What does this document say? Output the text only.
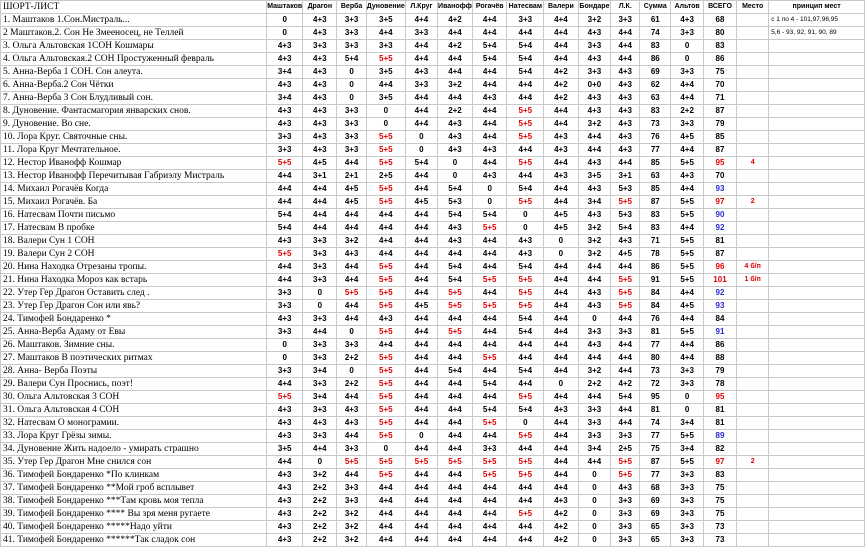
ШОРТ-ЛИСТ	Маштаков	Драгон	Верба	Дуновение	Л.Круг	Иванофф	Рогачёв	Натесвам	Валери	Бондаре	Л.К.	Сумма	Альтов	ВСЕГО	Место	принцип мест
1. Маштаков 1.Сон.Мистраль...	0	4+3	3+3	3+5	4+4	4+2	4+4	3+3	4+4	3+2	3+3	61	4+3	68		с 1 по 4 - 101,97,96,95
2 Маштаков.2. Сон Не Змееносец, не Теллей	0	4+3	3+3	4+4	3+3	4+4	4+4	4+4	4+4	4+3	4+4	74	3+3	80		5,6 - 93, 92, 91, 90, 89
3. Ольга Альтовская 1СОН Кошмары	4+3	3+3	3+3	3+3	4+4	4+2	5+4	5+4	4+4	3+3	4+4	83	0	83		
4. Ольга Альтовская.2 СОН Простуженный февраль	4+3	4+3	5+4	5+5	4+4	4+4	5+4	5+4	4+4	4+3	4+4	86	0	86		
5. Анна-Верба 1 СОН. Сон алеута.	3+4	4+3	0	3+5	4+3	4+4	4+4	5+4	4+2	3+3	4+3	69	3+3	75		
6. Анна-Верба.2 Сон Чётки	4+3	4+3	0	4+4	3+3	3+2	4+4	4+4	4+2	0+0	4+3	62	4+4	70		
7. Анна-Верба 3 Сон Блудливый сон.	3+4	4+3	0	3+5	4+4	4+4	4+3	4+4	4+2	4+3	4+3	63	4+4	71		
8. Дуновение. Фантасмагория январских снов.	4+3	4+3	3+3	0	4+4	2+2	4+4	5+5	4+4	4+3	4+3	83	2+2	87		
9. Дуновение. Во сне.	4+3	4+3	3+3	0	4+4	4+3	4+4	5+5	4+4	3+2	4+3	73	3+3	79		
10. Лора Круг. Святочные сны.	3+3	4+3	3+3	5+5	0	4+3	4+4	5+5	4+3	4+4	4+3	76	4+5	85		
11. Лора Круг Мечтательное.	3+3	4+3	3+3	5+5	0	4+3	4+3	4+4	4+3	4+4	4+3	77	4+4	87		
12. Нестор Иванофф Кошмар	5+5	4+5	4+4	5+5	5+4	0	4+4	5+5	4+4	4+3	4+4	85	5+5	95	4	
13. Нестор Иванофф Перечитывая Габриэлу Мистраль	4+4	3+1	2+1	2+5	4+4	0	4+3	4+4	4+3	3+5	3+1	63	4+3	70		
14. Михаил Рогачёв Когда	4+4	4+4	4+5	5+5	4+4	5+4	0	5+4	4+4	4+3	5+3	85	4+4	93		
15. Михаил Рогачёв. Ба	4+4	4+4	4+5	5+5	4+5	5+3	0	5+5	4+4	3+4	5+5	87	5+5	97	2	
16. Натесвам Почти письмо	5+4	4+4	4+4	4+4	4+4	5+4	5+4	0	4+5	4+3	5+3	83	5+5	90		
17. Натесвам В пробке	5+4	4+4	4+4	4+4	4+4	4+3	5+5	0	4+5	3+2	5+4	83	4+4	92		
18. Валери Сун 1 СОН	4+3	3+3	3+2	4+4	4+4	4+3	4+4	4+3	0	3+2	4+3	71	5+5	81		
19. Валери Сун 2 СОН	5+5	3+3	4+3	4+4	4+4	4+4	4+4	4+3	0	3+2	4+5	78	5+5	87		
20. Нина Находка Отрезаны тропы.	4+4	3+3	4+4	5+5	4+4	5+4	4+4	5+4	4+4	4+4	4+4	86	5+5	96	4 б/п	
21. Нина Находка Мороз как встарь	4+4	3+3	4+4	5+5	4+4	5+4	5+5	5+5	4+4	4+4	5+5	91	5+5	101	1 б/п	
22. Утер Гер Драгон Оставить след .	3+3	0	5+5	5+5	4+4	5+5	4+4	5+5	4+4	4+3	5+5	84	4+4	92		
23. Утер Гер Драгон Сон или явь?	3+3	0	4+4	5+5	4+5	5+5	5+5	5+5	4+4	4+3	5+5	84	4+5	93		
24. Тимофей Бондаренко *	4+3	3+3	4+4	4+3	4+4	4+4	4+4	5+4	4+4	0	4+4	76	4+4	84		
25. Анна-Верба Адаму от Евы	3+3	4+4	0	5+5	4+4	5+5	4+4	5+4	4+4	3+3	3+3	81	5+5	91		
26. Маштаков. Зимние сны.	0	3+3	3+3	4+4	4+4	4+4	4+4	4+4	4+4	4+3	4+4	77	4+4	86		
27. Маштаков В поэтических ритмах	0	3+3	2+2	5+5	4+4	4+4	5+5	4+4	4+4	4+4	4+4	80	4+4	88		
28. Анна- Верба Поэты	3+3	3+4	0	5+5	4+4	5+4	4+4	5+4	4+4	3+2	4+4	73	3+3	79		
29. Валери Сун Проснись, поэт!	4+4	3+3	2+2	5+5	4+4	4+4	5+4	4+4	0	2+2	4+2	72	3+3	78		
30. Ольга Альтовская 3 СОН	5+5	3+4	4+4	5+5	4+4	4+4	4+4	5+5	4+4	4+4	5+4	95	0	95		
31. Ольга Альтовская 4 СОН	4+3	3+3	4+3	5+5	4+4	4+4	5+4	5+4	4+3	3+3	4+4	81	0	81		
32. Натесвам О монограмии.	4+3	4+3	4+3	5+5	4+4	4+4	5+5	0	4+4	3+3	4+4	74	3+4	81		
33. Лора Круг Грёзы зимы.	4+3	3+3	4+4	5+5	0	4+4	4+4	5+5	4+4	3+3	3+3	77	5+5	89		
34. Дуновение Жить надоело - умирать страшно	3+5	4+4	3+3	0	4+4	4+4	3+3	4+4	4+4	3+4	2+5	75	3+4	82		
35. Утер Гер Драгон Мне снился сон	4+4	0	5+5	5+5	5+5	5+5	5+5	5+5	4+4	4+4	5+5	87	5+5	97	2	
36. Тимофей Бондаренко *По клинкам	4+3	3+2	4+4	5+5	4+4	4+4	5+5	5+5	4+4	0	5+5	77	3+3	83		
37. Тимофей Бондаренко **Мой гроб всплывет	4+3	2+2	3+3	4+4	4+4	4+4	4+4	4+4	4+4	0	4+3	68	3+3	75		
38. Тимофей Бондаренко ***Там кровь моя тепла	4+3	2+2	3+3	4+4	4+4	4+4	4+4	4+4	4+3	0	3+3	69	3+3	75		
39. Тимофей Бондаренко **** Вы зря меня ругаете	4+3	2+2	3+2	4+4	4+4	4+4	4+4	5+5	4+2	0	3+3	69	3+3	75		
40. Тимофей Бондаренко *****Надо уйти	4+3	2+2	3+2	4+4	4+4	4+4	4+4	4+4	4+2	0	3+3	65	3+3	73		
41. Тимофей Бондаренко ******Так сладок сон	4+3	2+2	3+2	4+4	4+4	4+4	4+4	4+4	4+2	0	3+3	65	3+3	73		
